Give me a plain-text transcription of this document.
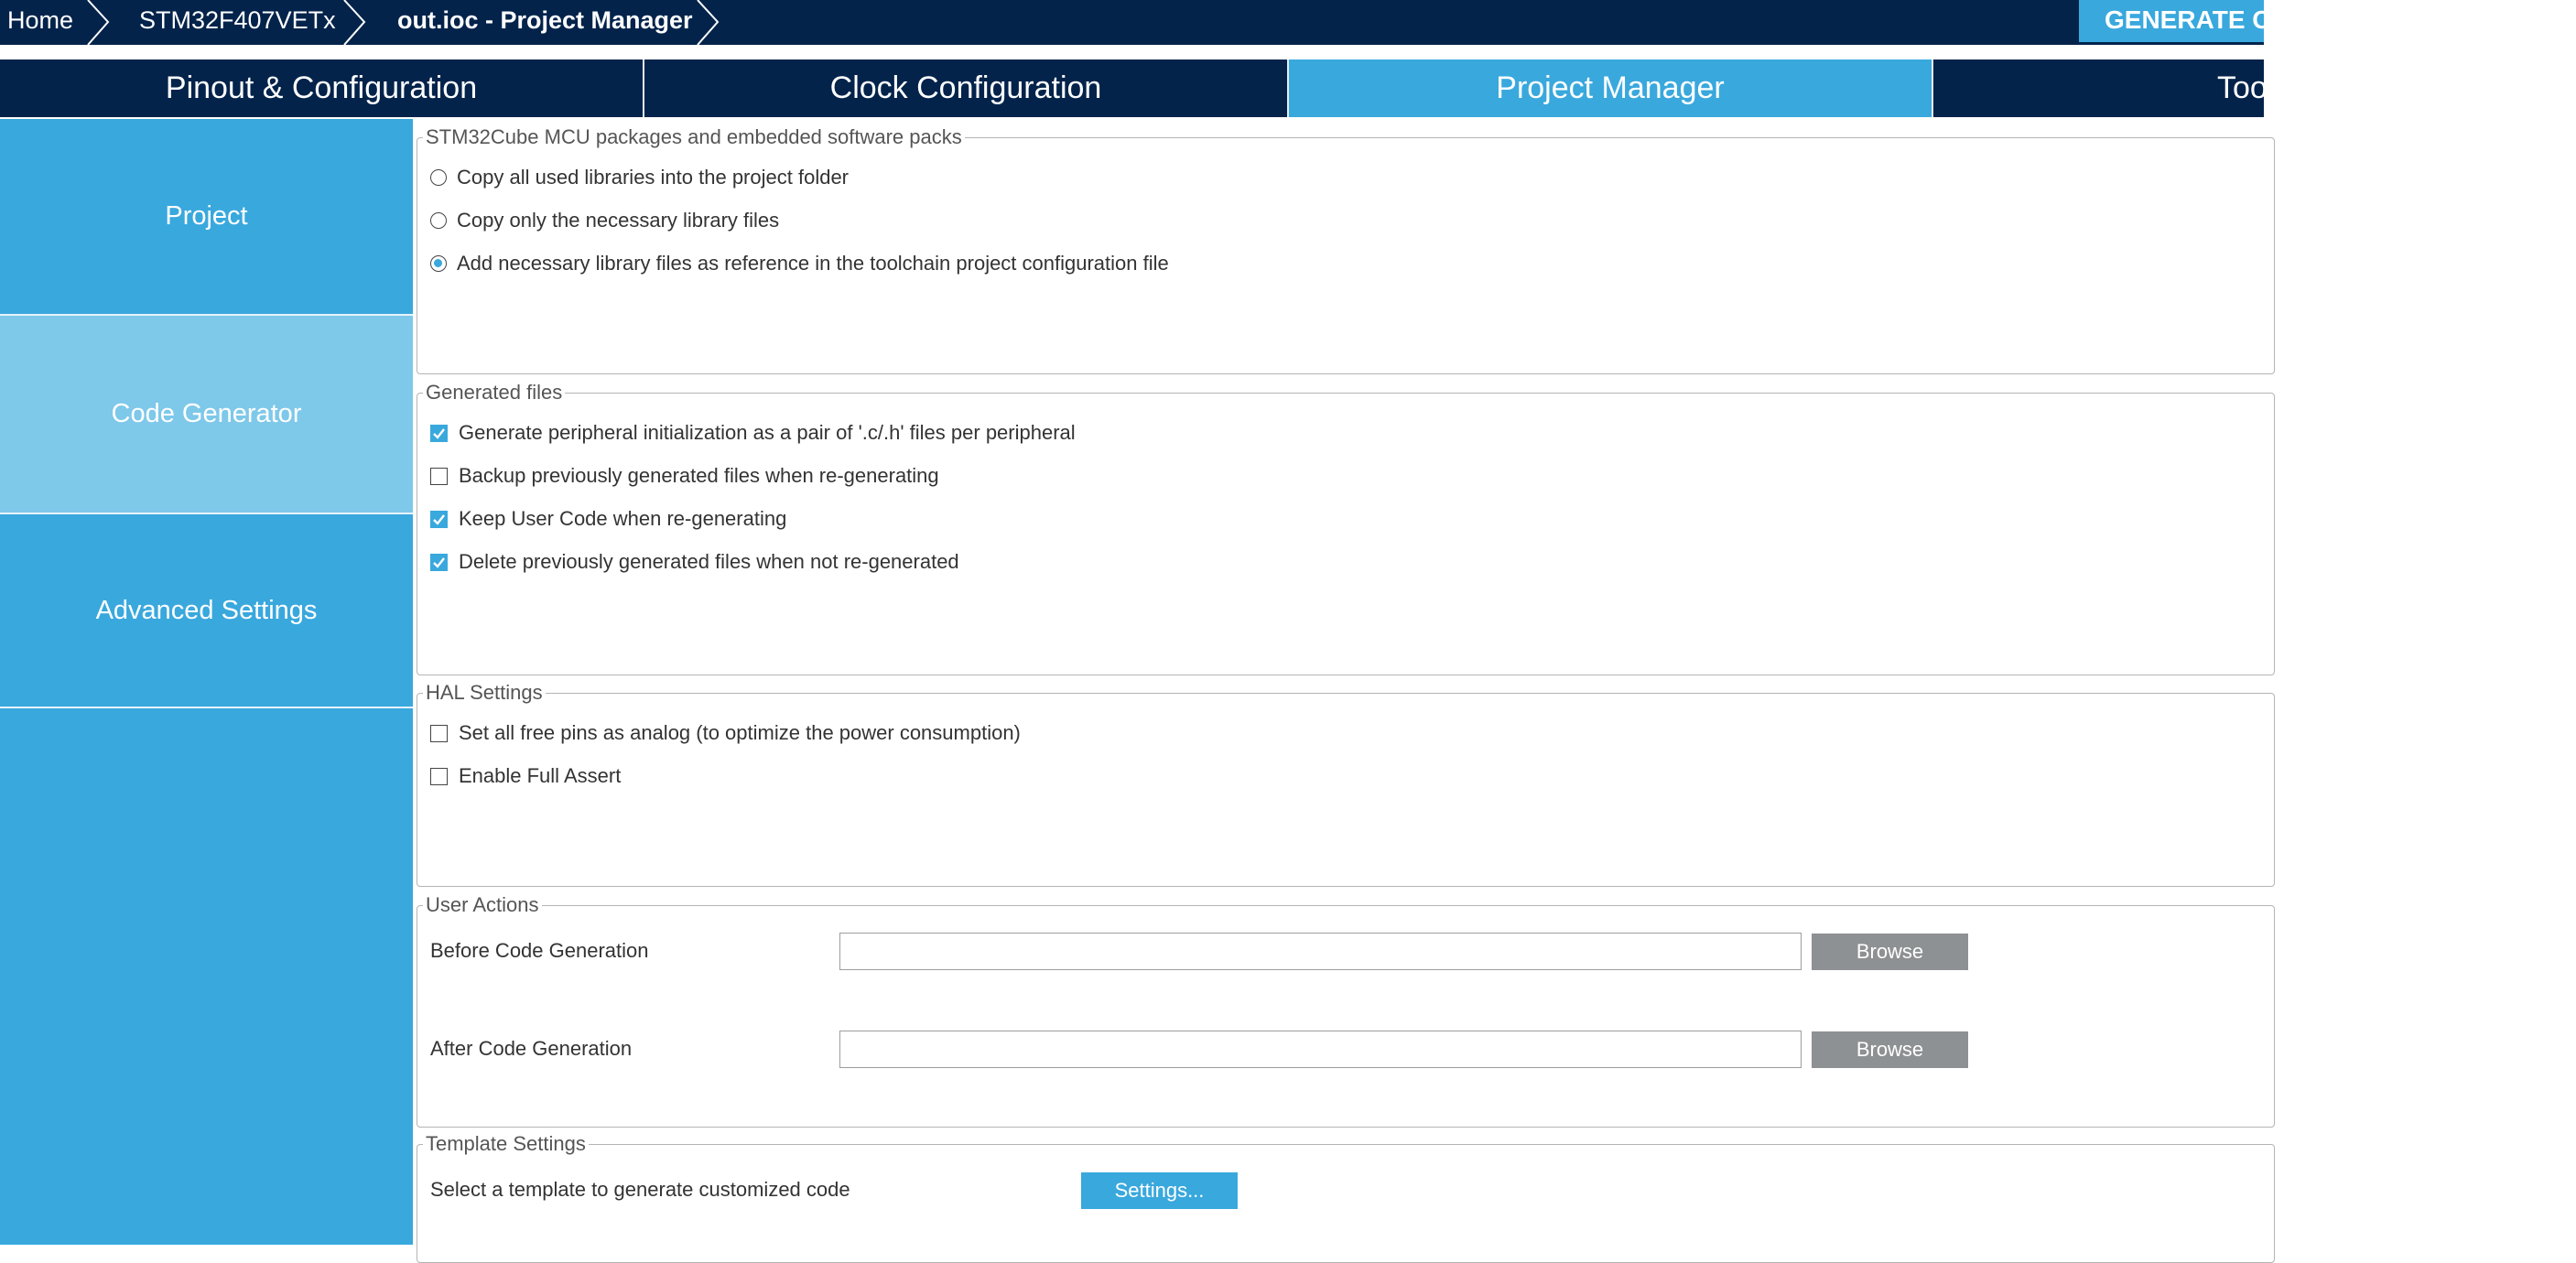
Home	STM32F407VETx out.ioc - Project Manager	GENERATE CODE
Pinout & Configuration	Clock Configuration	Project Manager	Tools
Project
Code Generator
Advanced Settings
STM32Cube MCU packages and embedded software packs
Copy all used libraries into the project folder
Copy only the necessary library files
Add necessary library files as reference in the toolchain project configuration file
Generated files
Generate peripheral initialization as a pair of '.c/.h' files per peripheral
Backup previously generated files when re-generating
Keep User Code when re-generating
Delete previously generated files when not re-generated
HAL Settings
Set all free pins as analog (to optimize the power consumption)
Enable Full Assert
User Actions
Before Code Generation	Browse
After Code Generation	Browse
Template Settings
Select a template to generate customized code	Settings...
